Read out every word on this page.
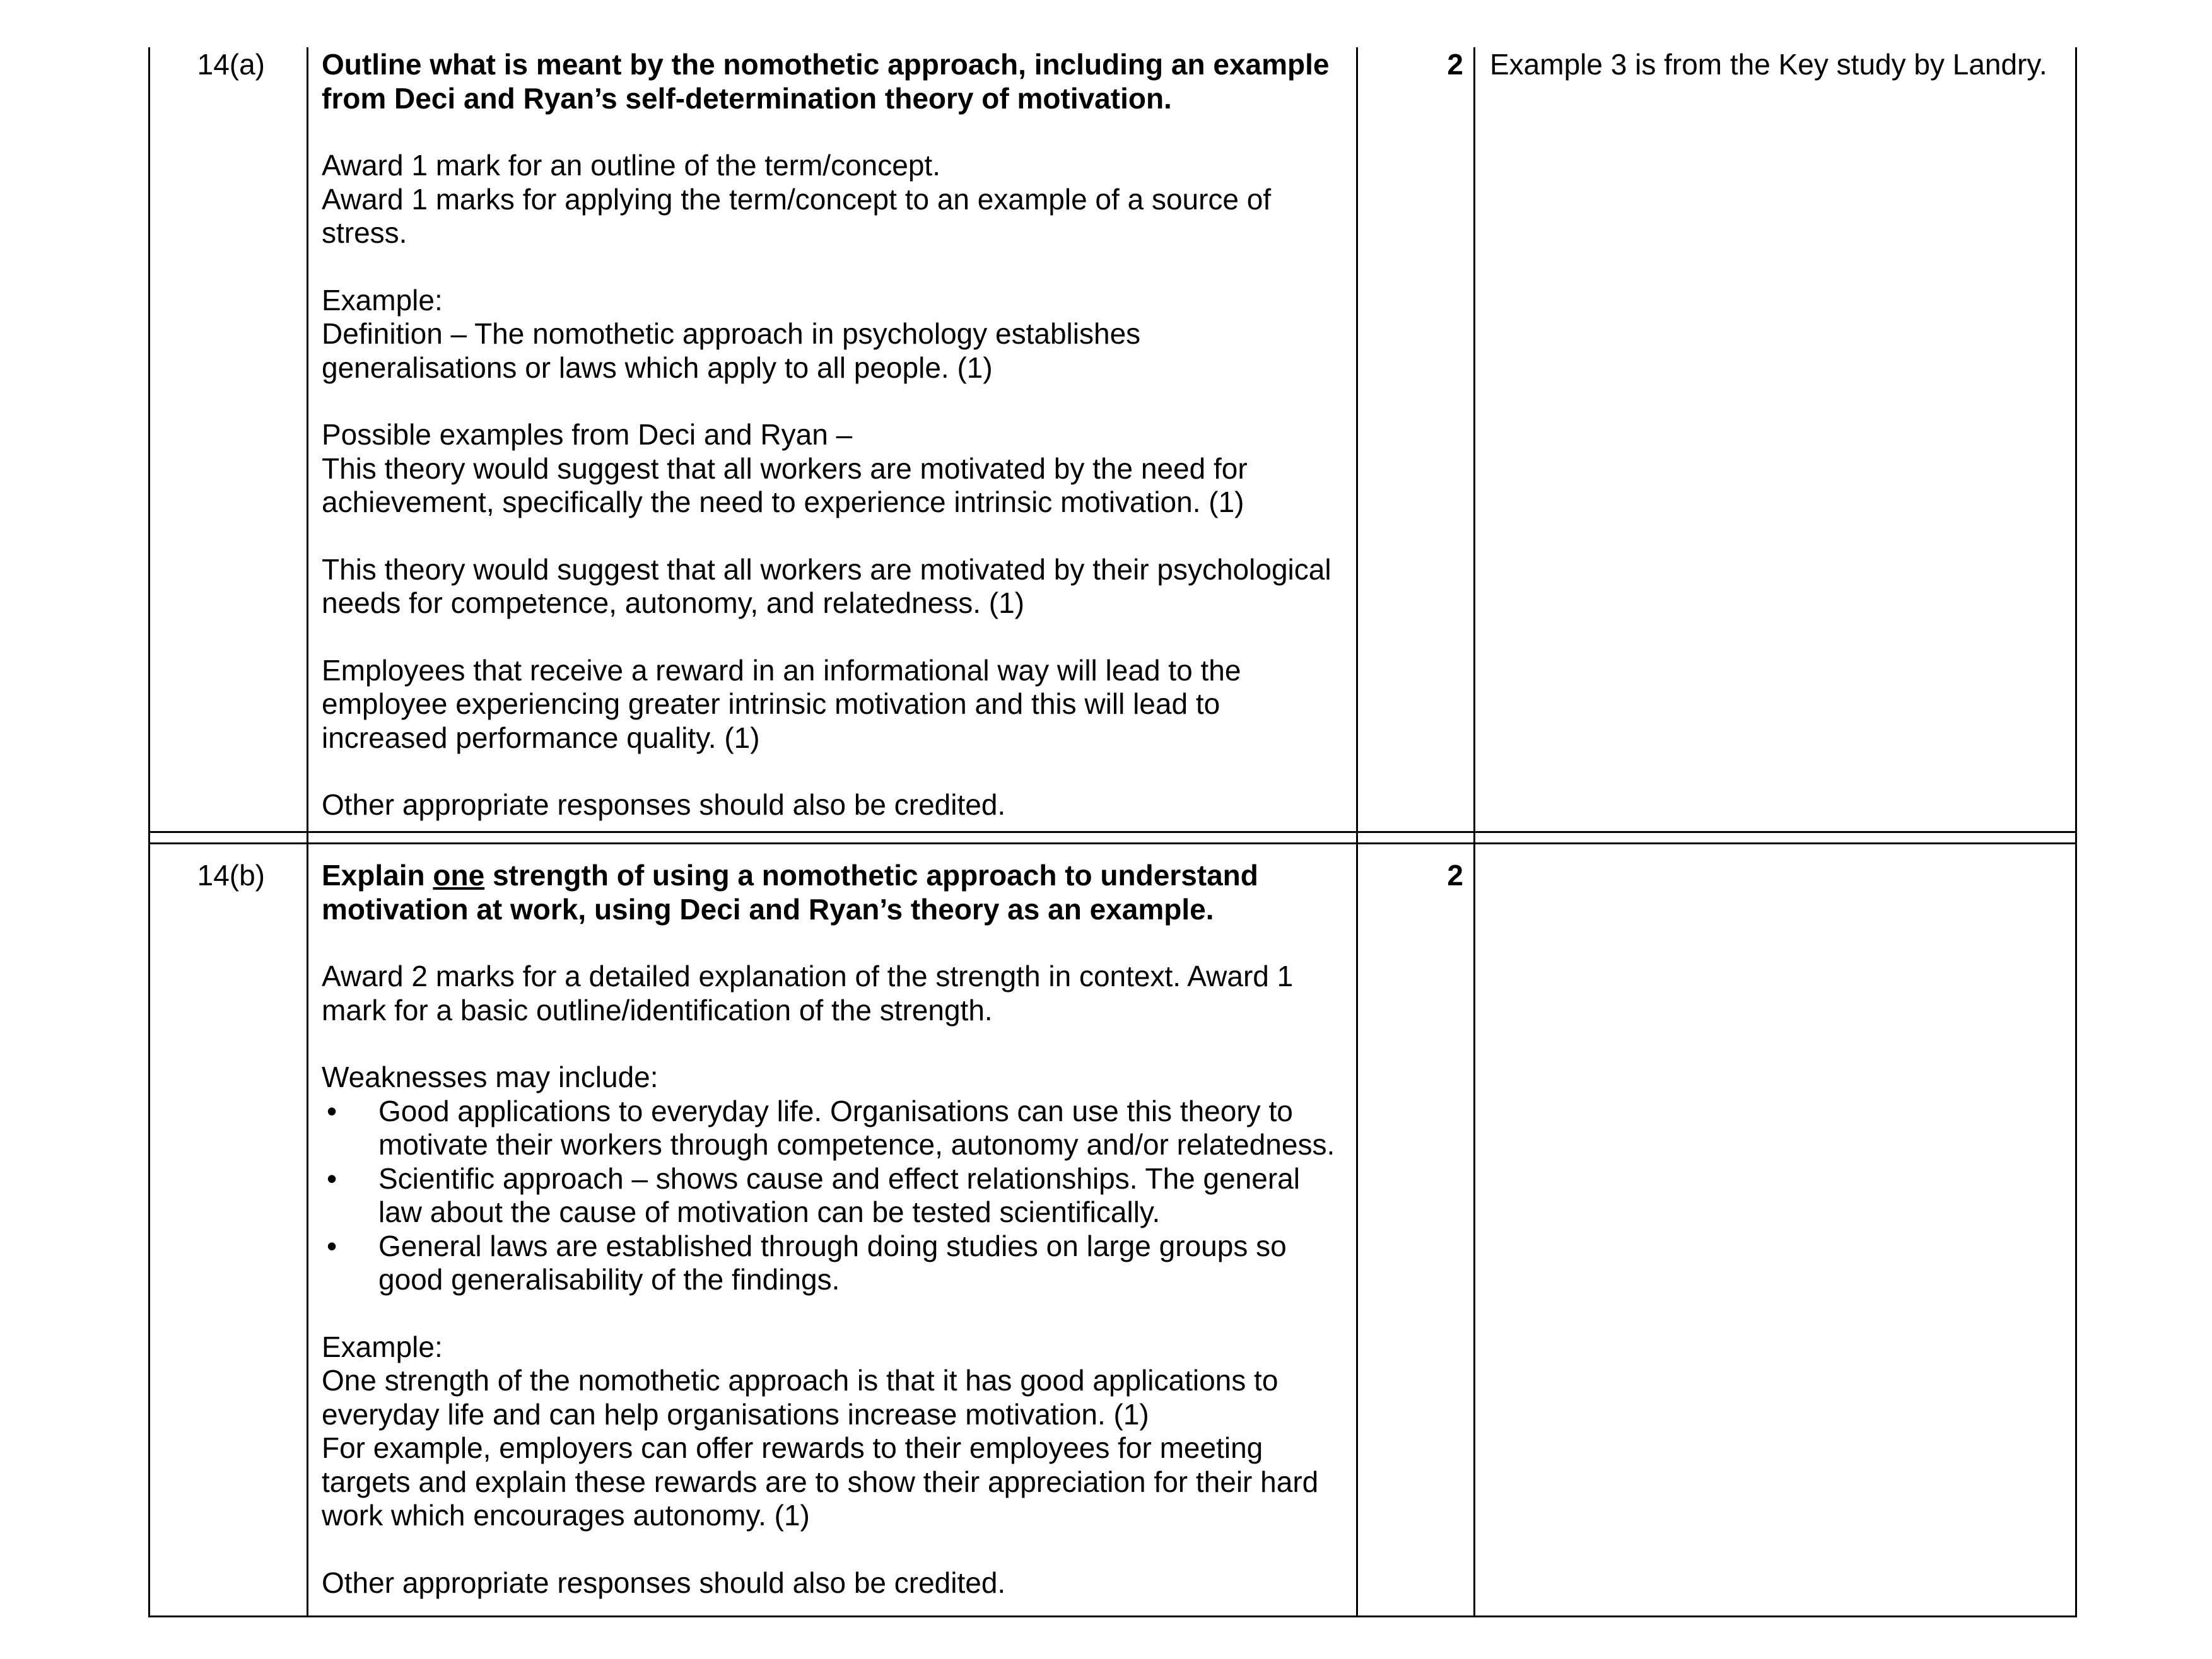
14(a) Outline what is meant by the nomothetic approach, including an example
from Deci and Ryan’s self-determination theory of motivation.
Award 1 mark for an outline of the term/concept.
Award 1 marks for applying the term/concept to an example of a source of
stress.
Example:
Definition – The nomothetic approach in psychology establishes
generalisations or laws which apply to all people. (1)
Possible examples from Deci and Ryan –
This theory would suggest that all workers are motivated by the need for
achievement, specifically the need to experience intrinsic motivation. (1)
This theory would suggest that all workers are motivated by their psychological
needs for competence, autonomy, and relatedness. (1)
Employees that receive a reward in an informational way will lead to the
employee experiencing greater intrinsic motivation and this will lead to
increased performance quality. (1)
Other appropriate responses should also be credited.
2 Example 3 is from the Key study by Landry.
14(b) Explain one strength of using a nomothetic approach to understand
motivation at work, using Deci and Ryan’s theory as an example.
Award 2 marks for a detailed explanation of the strength in context. Award 1
mark for a basic outline/identification of the strength.
Weaknesses may include:
• Good applications to everyday life. Organisations can use this theory to
motivate their workers through competence, autonomy and/or relatedness.
• Scientific approach – shows cause and effect relationships. The general
law about the cause of motivation can be tested scientifically.
• General laws are established through doing studies on large groups so
good generalisability of the findings.
Example:
One strength of the nomothetic approach is that it has good applications to
everyday life and can help organisations increase motivation. (1)
For example, employers can offer rewards to their employees for meeting
targets and explain these rewards are to show their appreciation for their hard
work which encourages autonomy. (1)
Other appropriate responses should also be credited.
2
